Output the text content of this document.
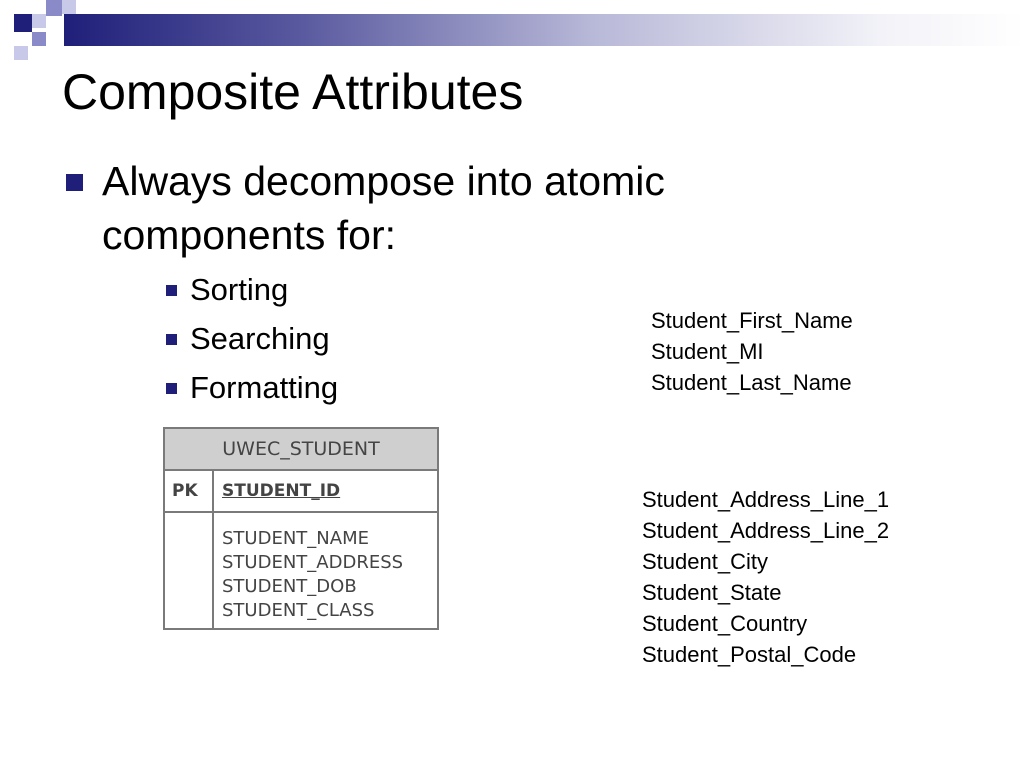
Composite Attributes
Always decompose into atomic components for:
Sorting
Searching
Formatting
UWEC_STUDENT
PK	STUDENT_ID
STUDENT_NAME
STUDENT_ADDRESS
STUDENT_DOB
STUDENT_CLASS
Student_First_Name
Student_MI
Student_Last_Name
Student_Address_Line_1
Student_Address_Line_2
Student_City
Student_State
Student_Country
Student_Postal_Code
